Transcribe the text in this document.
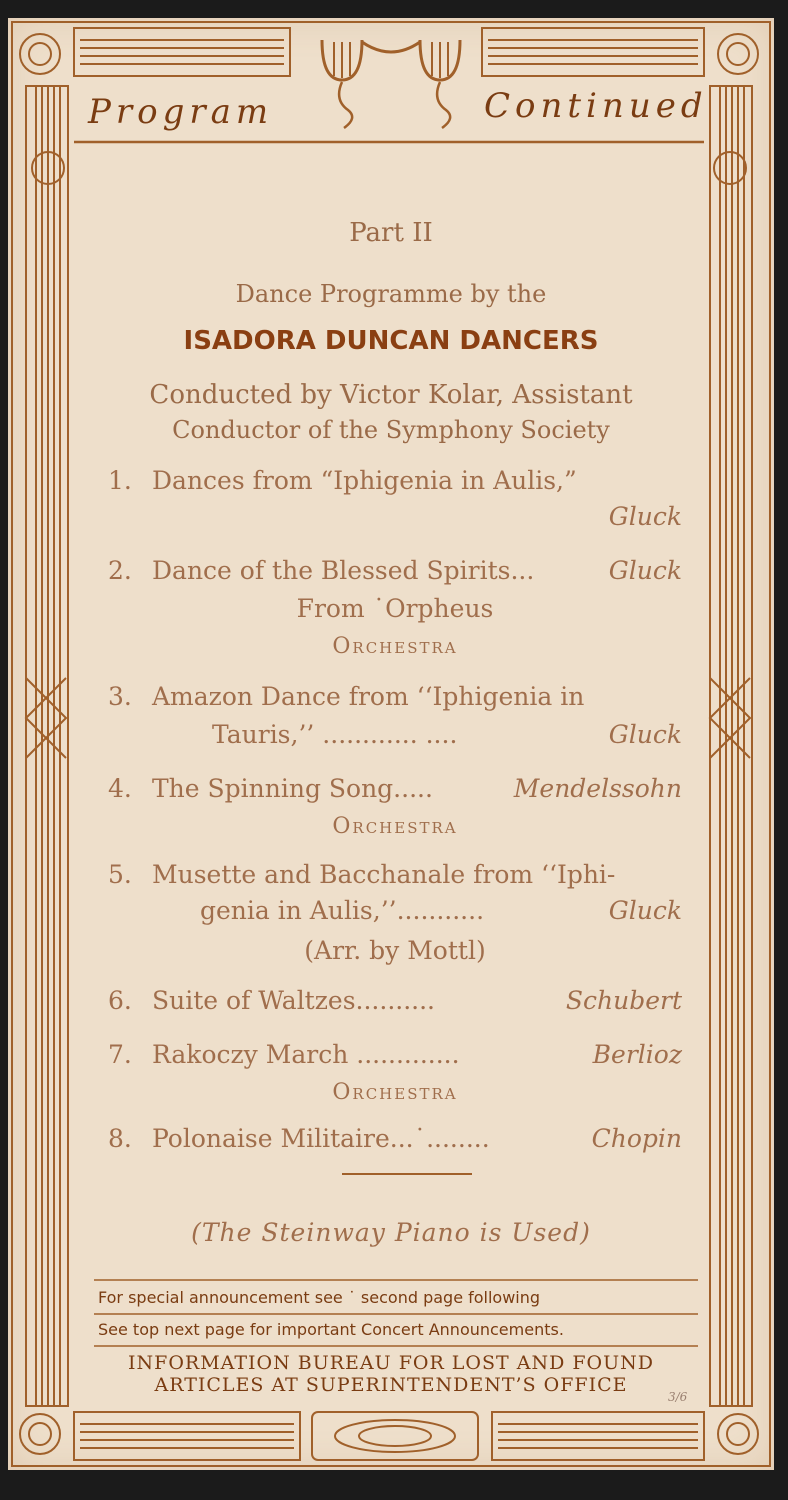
Program	Continued
Part II
Dance Programme by the
ISADORA DUNCAN DANCERS
Conducted by Victor Kolar, Assistant
Conductor of the Symphony Society
1. Dances from “Iphigenia in Aulis,”
Gluck
2. Dance of the Blessed Spirits...	Gluck
From ˙Orpheus
Orchestra
3. Amazon Dance from ‘‘Iphigenia in
Tauris,’’ ............ ....	Gluck
4. The Spinning Song.....	Mendelssohn
Orchestra
5. Musette and Bacchanale from ‘‘Iphi-
genia in Aulis,’’...........	Gluck
(Arr. by Mottl)
6. Suite of Waltzes..........	Schubert
7. Rakoczy March .............	Berlioz
Orchestra
8. Polonaise Militaire...˙........	Chopin
(The Steinway Piano is Used)
For special announcement see ˙ second page following
See top next page for important Concert Announcements.
INFORMATION BUREAU FOR LOST AND FOUND
ARTICLES AT SUPERINTENDENT’S OFFICE
3/6
